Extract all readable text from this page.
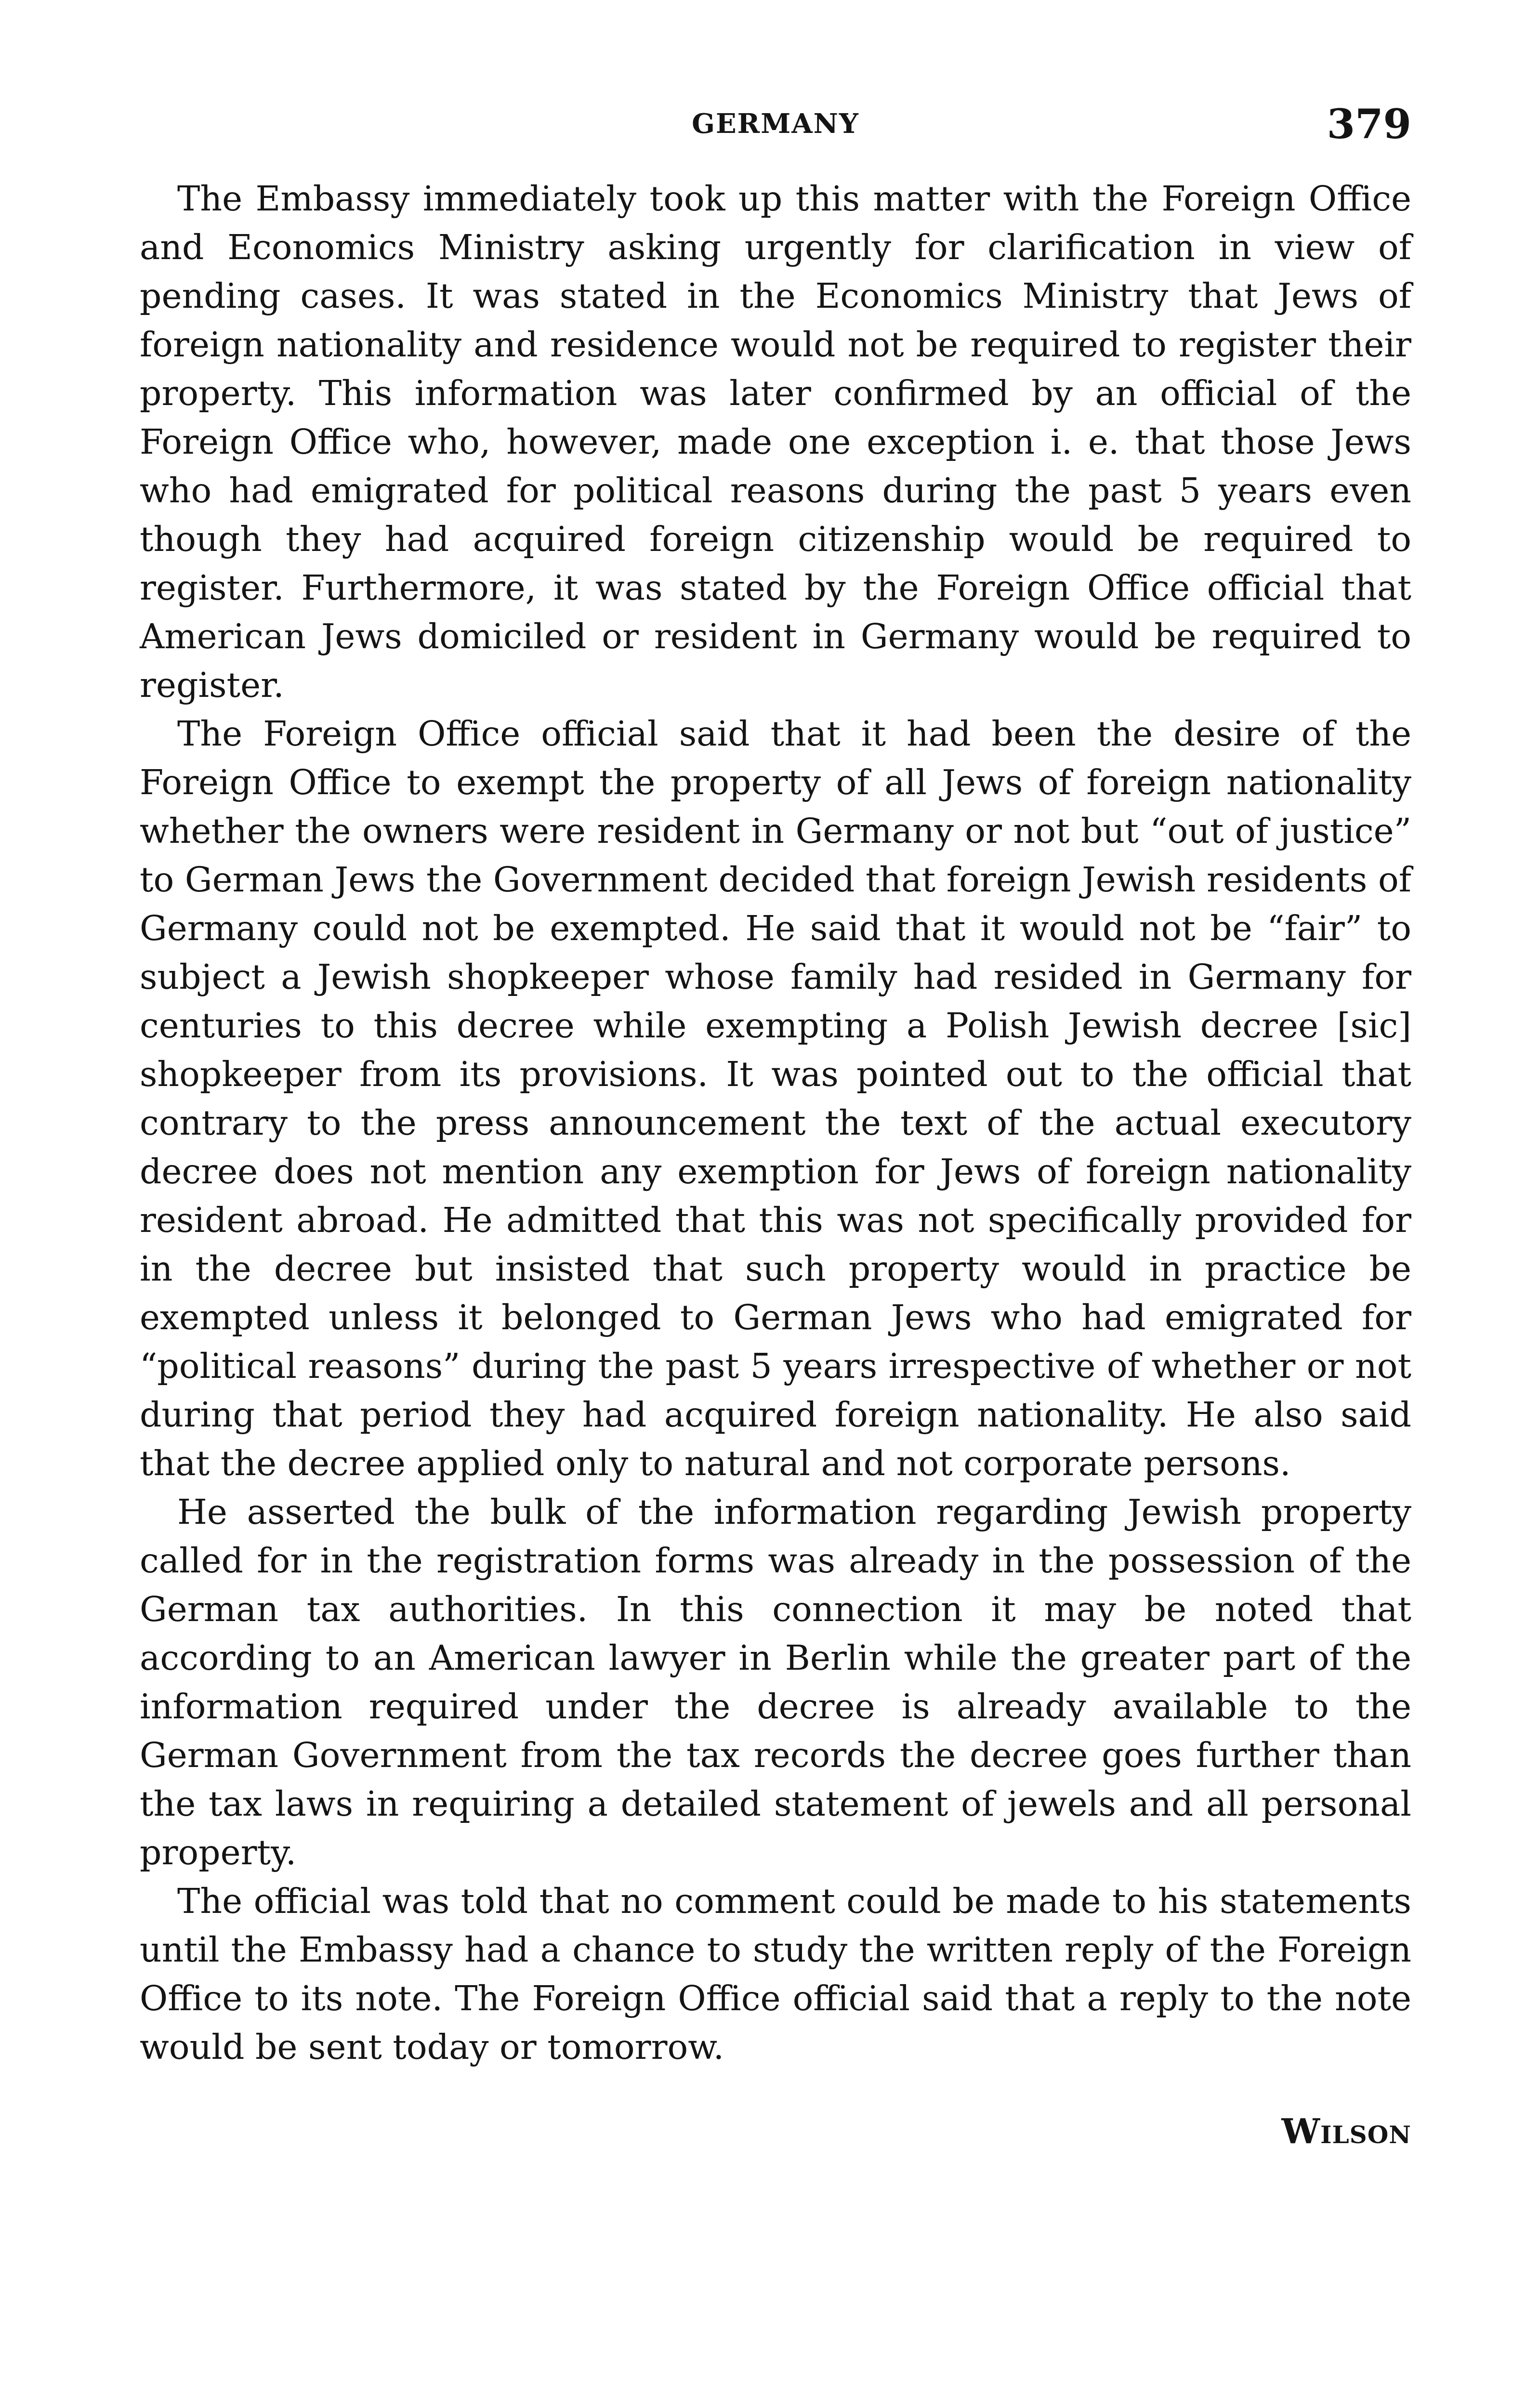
GERMANY	379

The Embassy immediately took up this matter with the Foreign Office and Economics Ministry asking urgently for clarification in view of pending cases. It was stated in the Economics Ministry that Jews of foreign nationality and residence would not be required to register their property. This information was later confirmed by an official of the Foreign Office who, however, made one exception i. e. that those Jews who had emigrated for political reasons during the past 5 years even though they had acquired foreign citizenship would be required to register. Furthermore, it was stated by the Foreign Office official that American Jews domiciled or resident in Germany would be required to register.

The Foreign Office official said that it had been the desire of the Foreign Office to exempt the property of all Jews of foreign nationality whether the owners were resident in Germany or not but “out of justice” to German Jews the Government decided that foreign Jewish residents of Germany could not be exempted. He said that it would not be “fair” to subject a Jewish shopkeeper whose family had resided in Germany for centuries to this decree while exempting a Polish Jewish decree [sic] shopkeeper from its provisions. It was pointed out to the official that contrary to the press announcement the text of the actual executory decree does not mention any exemption for Jews of foreign nationality resident abroad. He admitted that this was not specifically provided for in the decree but insisted that such property would in practice be exempted unless it belonged to German Jews who had emigrated for “political reasons” during the past 5 years irrespective of whether or not during that period they had acquired foreign nationality. He also said that the decree applied only to natural and not corporate persons.

He asserted the bulk of the information regarding Jewish property called for in the registration forms was already in the possession of the German tax authorities. In this connection it may be noted that according to an American lawyer in Berlin while the greater part of the information required under the decree is already available to the German Government from the tax records the decree goes further than the tax laws in requiring a detailed statement of jewels and all personal property.

The official was told that no comment could be made to his statements until the Embassy had a chance to study the written reply of the Foreign Office to its note. The Foreign Office official said that a reply to the note would be sent today or tomorrow.

Wilson
